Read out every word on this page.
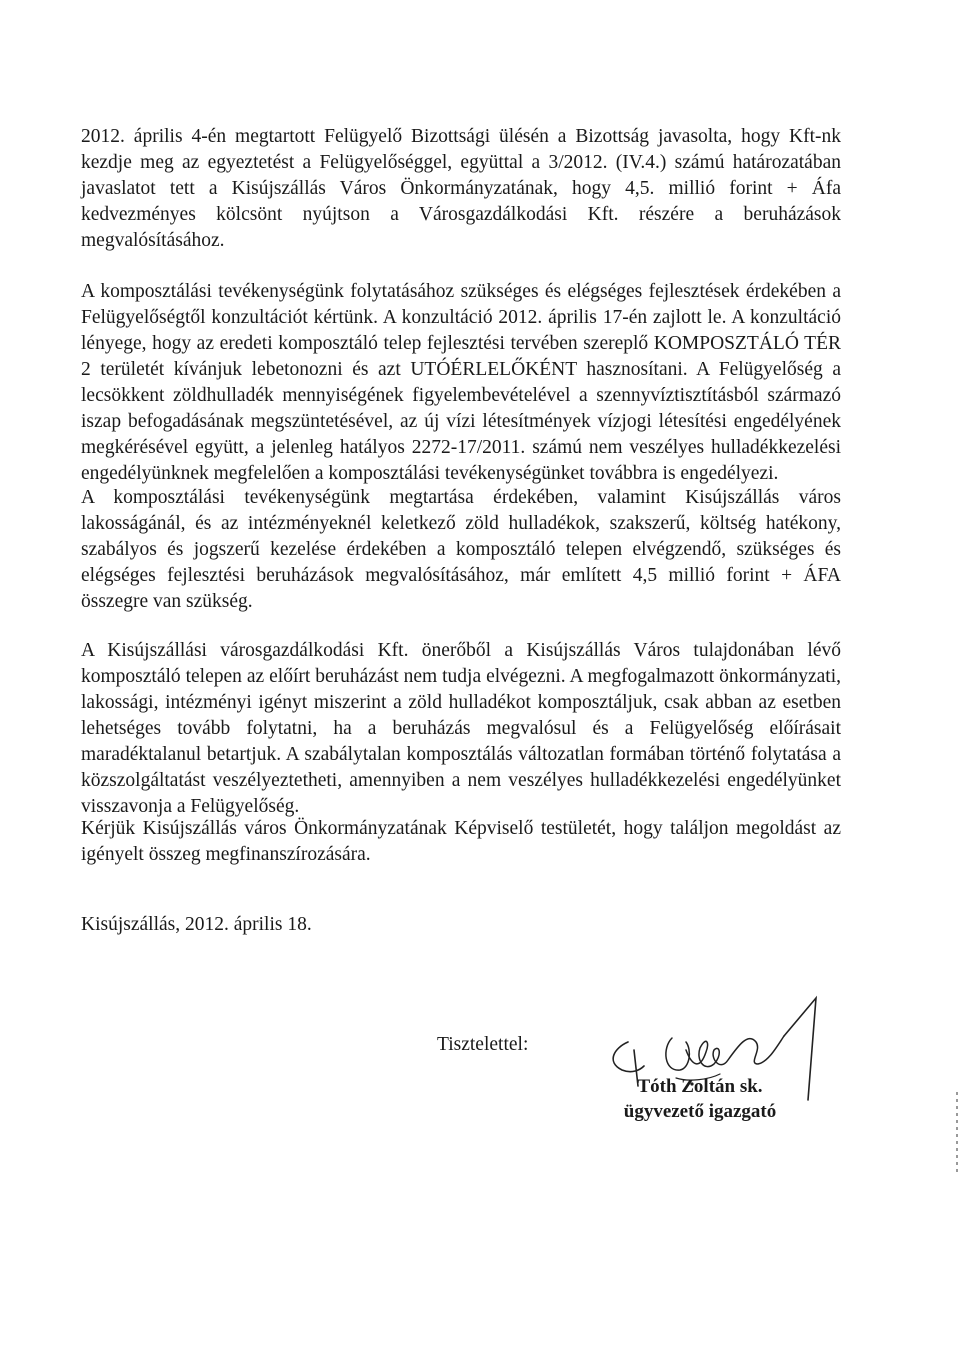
2012. április 4-én megtartott Felügyelő Bizottsági ülésén a Bizottság javasolta, hogy Kft-nk kezdje meg az egyeztetést a Felügyelőséggel, együttal a 3/2012. (IV.4.) számú határozatában javaslatot tett a Kisújszállás Város Önkormányzatának, hogy 4,5. millió forint + Áfa kedvezményes kölcsönt nyújtson a Városgazdálkodási Kft. részére a beruházások megvalósításához.

A komposztálási tevékenységünk folytatásához szükséges és elégséges fejlesztések érdekében a Felügyelőségtől konzultációt kértünk. A konzultáció 2012. április 17-én zajlott le. A konzultáció lényege, hogy az eredeti komposztáló telep fejlesztési tervében szereplő KOMPOSZTÁLÓ TÉR 2 területét kívánjuk lebetonozni és azt UTÓÉRLELŐKÉNT hasznosítani. A Felügyelőség a lecsökkent zöldhulladék mennyiségének figyelembevételével a szennyvíztisztításból származó iszap befogadásának megszüntetésével, az új vízi létesítmények vízjogi létesítési engedélyének megkérésével együtt, a jelenleg hatályos 2272-17/2011. számú nem veszélyes hulladékkezelési engedélyünknek megfelelően a komposztálási tevékenységünket továbbra is engedélyezi.

A komposztálási tevékenységünk megtartása érdekében, valamint Kisújszállás város lakosságánál, és az intézményeknél keletkező zöld hulladékok, szakszerű, költség hatékony, szabályos és jogszerű kezelése érdekében a komposztáló telepen elvégzendő, szükséges és elégséges fejlesztési beruházások megvalósításához, már említett 4,5 millió forint + ÁFA összegre van szükség.

A Kisújszállási városgazdálkodási Kft. önerőből a Kisújszállás Város tulajdonában lévő komposztáló telepen az előírt beruházást nem tudja elvégezni. A megfogalmazott önkormányzati, lakossági, intézményi igényt miszerint a zöld hulladékot komposztáljuk, csak abban az esetben lehetséges tovább folytatni, ha a beruházás megvalósul és a Felügyelőség előírásait maradéktalanul betartjuk. A szabálytalan komposztálás változatlan formában történő folytatása a közszolgáltatást veszélyeztetheti, amennyiben a nem veszélyes hulladékkezelési engedélyünket visszavonja a Felügyelőség.

Kérjük Kisújszállás város Önkormányzatának Képviselő testületét, hogy találjon megoldást az igényelt összeg megfinanszírozására.

Kisújszállás, 2012. április 18.
Tisztelettel:
Tóth Zoltán sk.
ügyvezető igazgató
